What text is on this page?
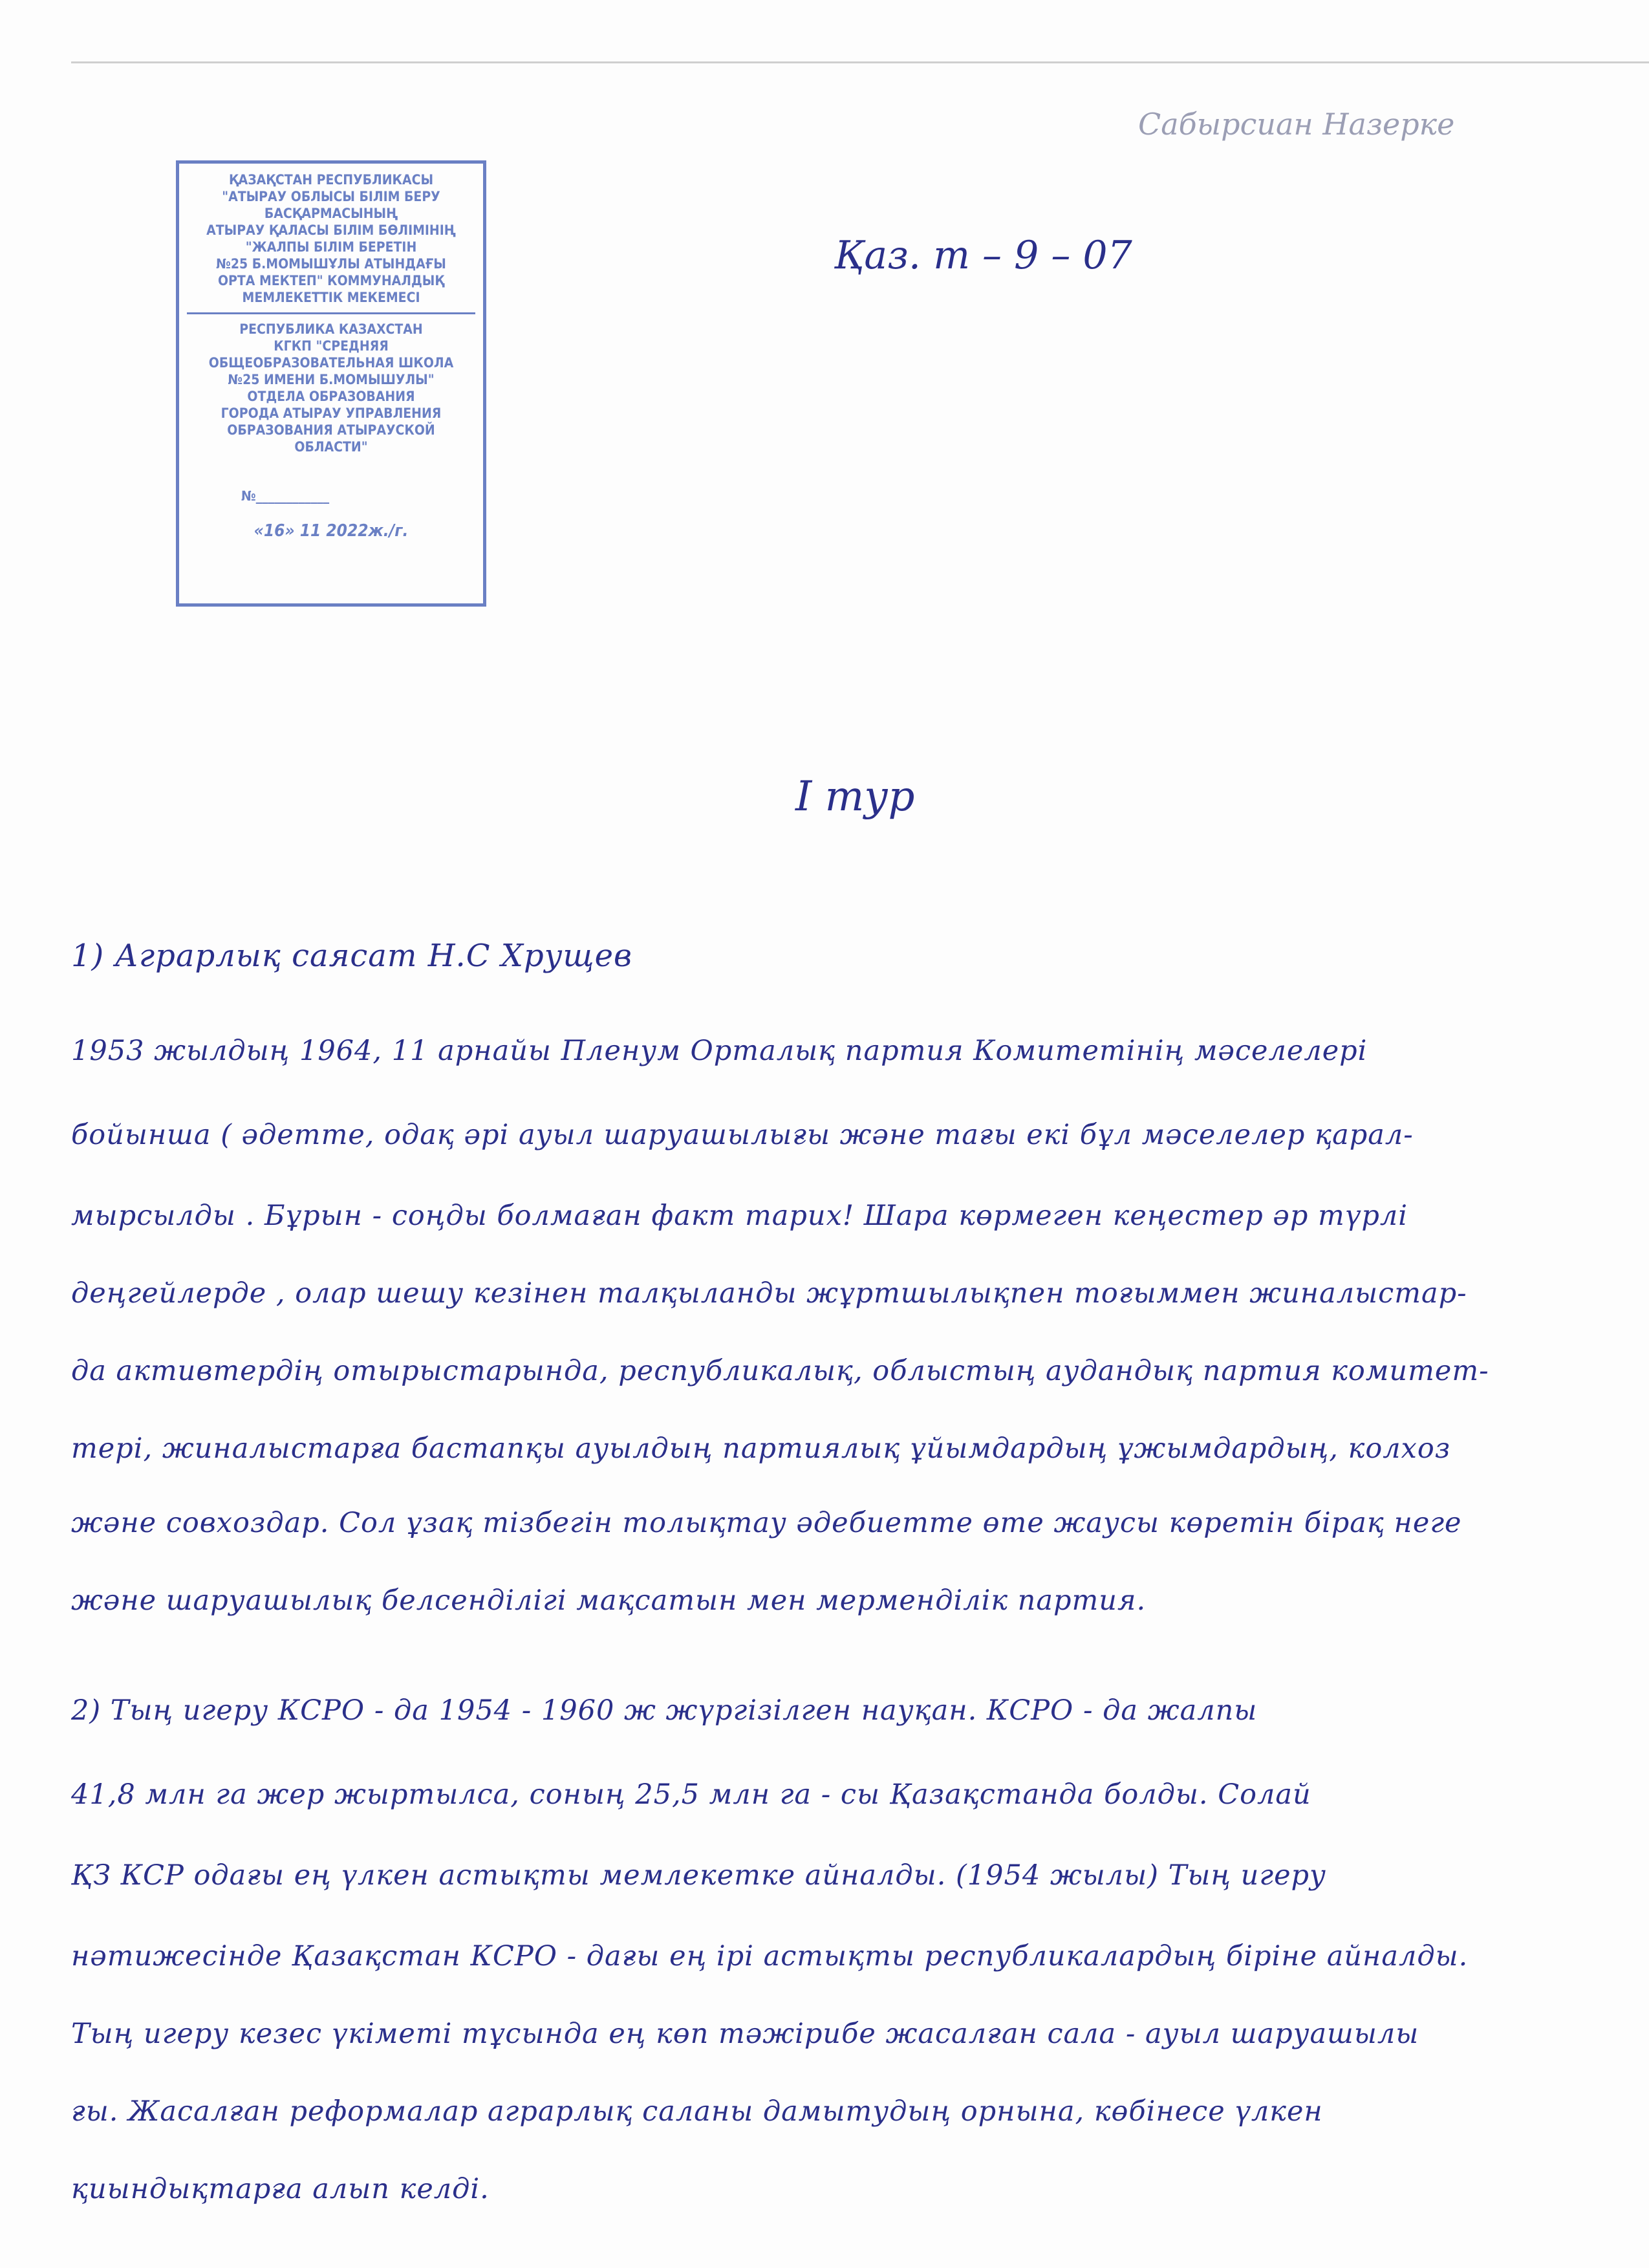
Сабырсиан Назерке
Қаз. т – 9 – 07
ҚАЗАҚСТАН РЕСПУБЛИКАСЫ
"АТЫРАУ ОБЛЫСЫ БІЛІМ БЕРУ
БАСҚАРМАСЫНЫҢ
АТЫРАУ ҚАЛАСЫ БІЛІМ БӨЛІМІНІҢ
"ЖАЛПЫ БІЛІМ БЕРЕТІН
№25 Б.МОМЫШҰЛЫ АТЫНДАҒЫ
ОРТА МЕКТЕП" КОММУНАЛДЫҚ
МЕМЛЕКЕТТІК МЕКЕМЕСІ
РЕСПУБЛИКА КАЗАХСТАН
КГКП "СРЕДНЯЯ
ОБЩЕОБРАЗОВАТЕЛЬНАЯ ШКОЛА
№25 ИМЕНИ Б.МОМЫШУЛЫ"
ОТДЕЛА ОБРАЗОВАНИЯ
ГОРОДА АТЫРАУ УПРАВЛЕНИЯ
ОБРАЗОВАНИЯ АТЫРАУСКОЙ
ОБЛАСТИ"
№____________
«16» 11 2022ж./г.
I тур
1) Аграрлық саясат Н.С Хрущев
1953 жылдың 1964, 11 арнайы Пленум Орталық партия Комитетінің мәселелері
бойынша ( әдетте, одақ әрі ауыл шаруашылығы және тағы екі бұл мәселелер қарал-
мырсылды . Бұрын - соңды болмаған факт тарих! Шара көрмеген кеңестер әр түрлі
деңгейлерде , олар шешу кезінен талқыланды жұртшылықпен тоғыммен жиналыстар-
да активтердің отырыстарында, республикалық, облыстың аудандық партия комитет-
тері, жиналыстарға бастапқы ауылдың партиялық ұйымдардың ұжымдардың, колхоз
және совхоздар. Сол ұзақ тізбегін толықтау әдебиетте өте жаусы көретін бірақ неге
және шаруашылық белсенділігі мақсатын мен мерменділік партия.
2) Тың игеру КСРО - да 1954 - 1960 ж жүргізілген науқан. КСРО - да жалпы
41,8 млн га жер жыртылса, соның 25,5 млн га - сы Қазақстанда болды. Солай
ҚЗ КСР одағы ең үлкен астықты мемлекетке айналды. (1954 жылы) Тың игеру
нәтижесінде Қазақстан КСРО - дағы ең ірі астықты республикалардың біріне айналды.
Тың игеру кезес үкіметі тұсында ең көп тәжірибе жасалған сала - ауыл шаруашылы
ғы. Жасалған реформалар аграрлық саланы дамытудың орнына, көбінесе үлкен
қиындықтарға алып келді.
